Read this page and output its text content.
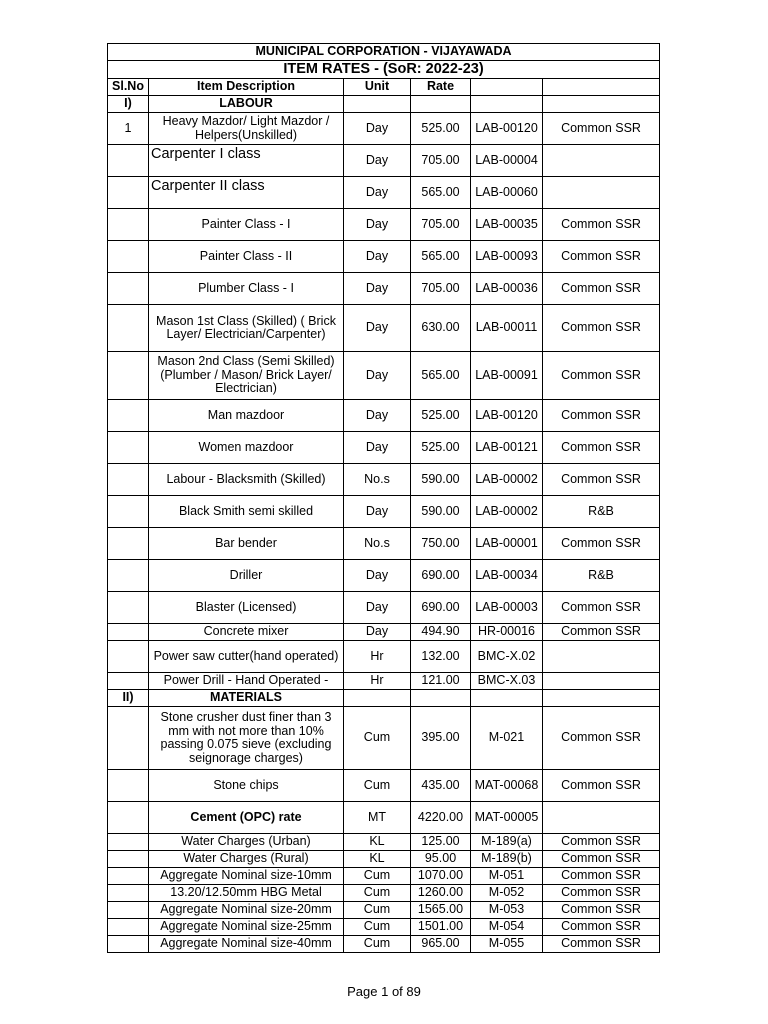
MUNICIPAL CORPORATION - VIJAYAWADA					
ITEM RATES - (SoR: 2022-23)					
Sl.No	Item Description	Unit	Rate		
I)	LABOUR				
1	Heavy Mazdor/ Light Mazdor / Helpers(Unskilled)	Day	525.00	LAB-00120	Common SSR
	Carpenter I class	Day	705.00	LAB-00004	
	Carpenter II class	Day	565.00	LAB-00060	
	Painter Class - I	Day	705.00	LAB-00035	Common SSR
	Painter Class - II	Day	565.00	LAB-00093	Common SSR
	Plumber Class - I	Day	705.00	LAB-00036	Common SSR
	Mason 1st Class (Skilled) ( Brick Layer/ Electrician/Carpenter)	Day	630.00	LAB-00011	Common SSR
	Mason 2nd Class (Semi Skilled) (Plumber / Mason/ Brick Layer/ Electrician)	Day	565.00	LAB-00091	Common SSR
	Man mazdoor	Day	525.00	LAB-00120	Common SSR
	Women mazdoor	Day	525.00	LAB-00121	Common SSR
	Labour - Blacksmith (Skilled)	No.s	590.00	LAB-00002	Common SSR
	Black Smith semi skilled	Day	590.00	LAB-00002	R&B
	Bar bender	No.s	750.00	LAB-00001	Common SSR
	Driller	Day	690.00	LAB-00034	R&B
	Blaster (Licensed)	Day	690.00	LAB-00003	Common SSR
	Concrete mixer	Day	494.90	HR-00016	Common SSR
	Power saw cutter(hand operated)	Hr	132.00	BMC-X.02	
	Power Drill - Hand Operated -	Hr	121.00	BMC-X.03	
II)	MATERIALS				
	Stone crusher dust finer than 3 mm with not more than 10% passing 0.075 sieve (excluding seignorage charges)	Cum	395.00	M-021	Common SSR
	Stone chips	Cum	435.00	MAT-00068	Common SSR
	Cement (OPC) rate	MT	4220.00	MAT-00005	
	Water Charges (Urban)	KL	125.00	M-189(a)	Common SSR
	Water Charges (Rural)	KL	95.00	M-189(b)	Common SSR
	Aggregate Nominal size-10mm	Cum	1070.00	M-051	Common SSR
	13.20/12.50mm HBG Metal	Cum	1260.00	M-052	Common SSR
	Aggregate Nominal size-20mm	Cum	1565.00	M-053	Common SSR
	Aggregate Nominal size-25mm	Cum	1501.00	M-054	Common SSR
	Aggregate Nominal size-40mm	Cum	965.00	M-055	Common SSR
Page 1 of 89
